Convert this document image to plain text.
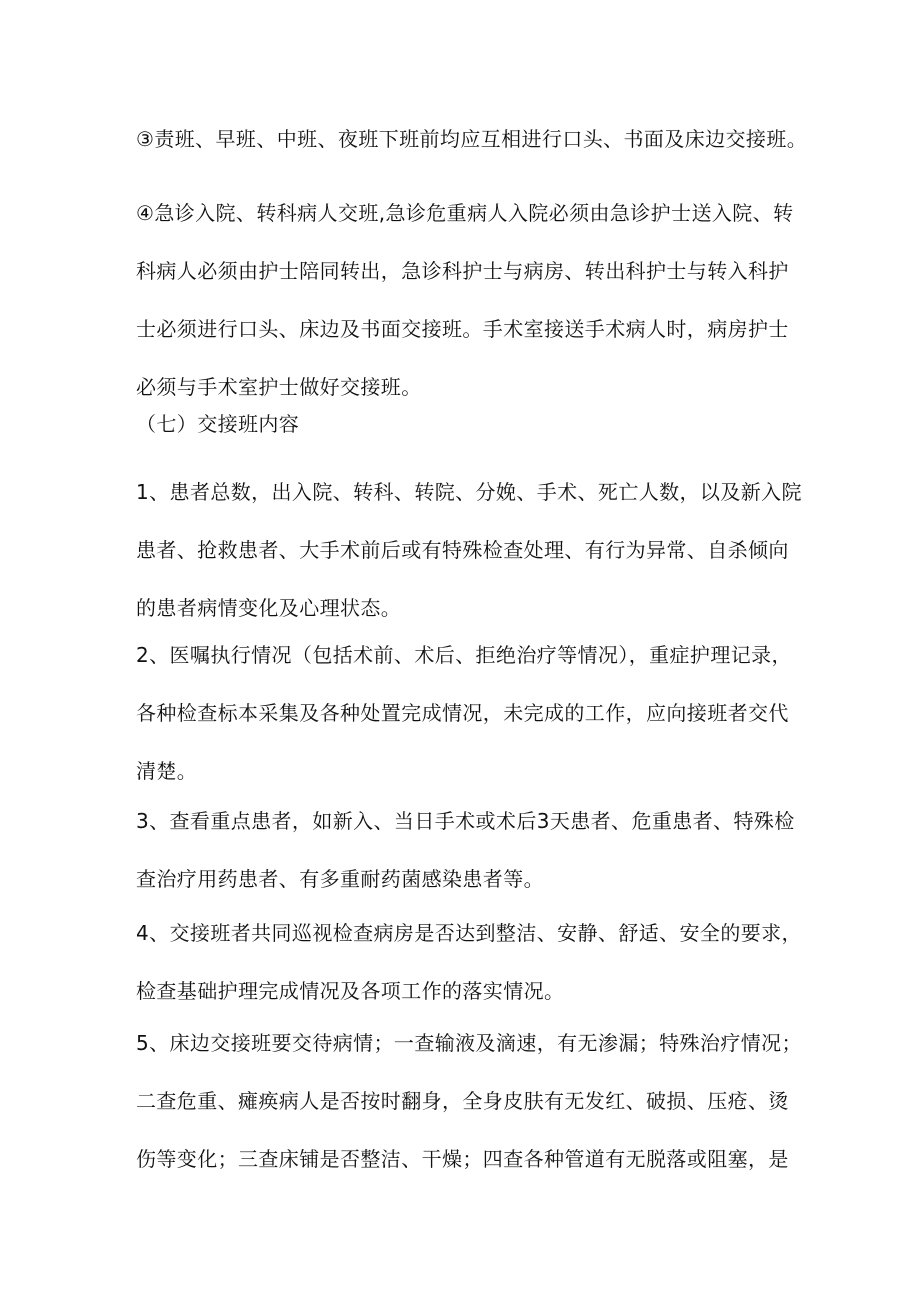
③责班、早班、中班、夜班下班前均应互相进行口头、书面及床边交接班。

④急诊入院、转科病人交班,急诊危重病人入院必须由急诊护士送入院、转
科病人必须由护士陪同转出，急诊科护士与病房、转出科护士与转入科护
士必须进行口头、床边及书面交接班。手术室接送手术病人时，病房护士
必须与手术室护士做好交接班。

（七）交接班内容

1、患者总数，出入院、转科、转院、分娩、手术、死亡人数，以及新入院
患者、抢救患者、大手术前后或有特殊检查处理、有行为异常、自杀倾向
的患者病情变化及心理状态。

2、医嘱执行情况（包括术前、术后、拒绝治疗等情况），重症护理记录，
各种检查标本采集及各种处置完成情况，未完成的工作，应向接班者交代
清楚。

3、查看重点患者，如新入、当日手术或术后3天患者、危重患者、特殊检
查治疗用药患者、有多重耐药菌感染患者等。

4、交接班者共同巡视检查病房是否达到整洁、安静、舒适、安全的要求，
检查基础护理完成情况及各项工作的落实情况。

5、床边交接班要交待病情；一查输液及滴速，有无渗漏；特殊治疗情况；
二查危重、瘫痪病人是否按时翻身，全身皮肤有无发红、破损、压疮、烫
伤等变化；三查床铺是否整洁、干燥；四查各种管道有无脱落或阻塞，是
